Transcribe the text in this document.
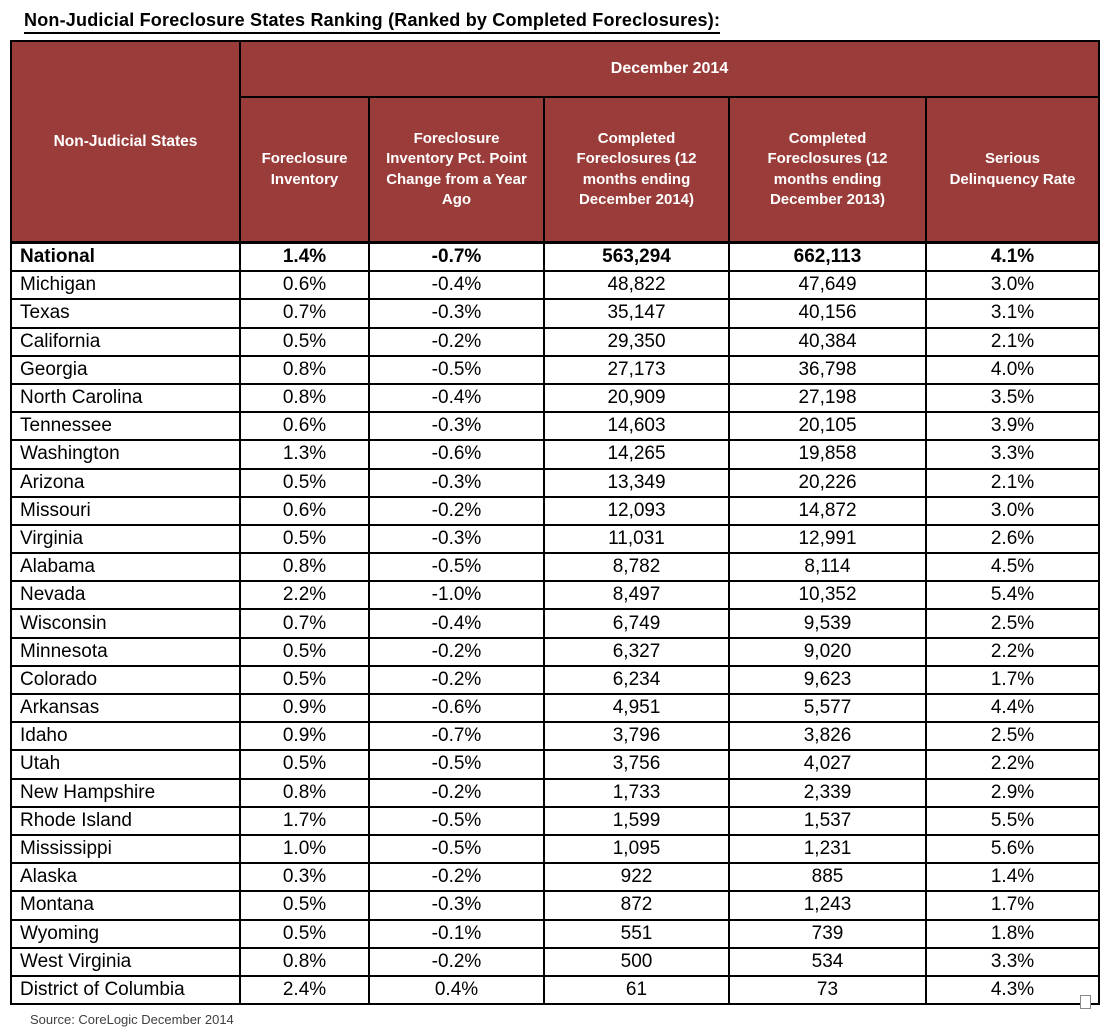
Non-Judicial Foreclosure States Ranking (Ranked by Completed Foreclosures):
Non-Judicial States	December 2014				
	Foreclosure Inventory	Foreclosure Inventory Pct. Point Change from a Year Ago	Completed Foreclosures (12 months ending December 2014)	Completed Foreclosures (12 months ending December 2013)	Serious Delinquency Rate
National	1.4%	-0.7%	563,294	662,113	4.1%
Michigan	0.6%	-0.4%	48,822	47,649	3.0%
Texas	0.7%	-0.3%	35,147	40,156	3.1%
California	0.5%	-0.2%	29,350	40,384	2.1%
Georgia	0.8%	-0.5%	27,173	36,798	4.0%
North Carolina	0.8%	-0.4%	20,909	27,198	3.5%
Tennessee	0.6%	-0.3%	14,603	20,105	3.9%
Washington	1.3%	-0.6%	14,265	19,858	3.3%
Arizona	0.5%	-0.3%	13,349	20,226	2.1%
Missouri	0.6%	-0.2%	12,093	14,872	3.0%
Virginia	0.5%	-0.3%	11,031	12,991	2.6%
Alabama	0.8%	-0.5%	8,782	8,114	4.5%
Nevada	2.2%	-1.0%	8,497	10,352	5.4%
Wisconsin	0.7%	-0.4%	6,749	9,539	2.5%
Minnesota	0.5%	-0.2%	6,327	9,020	2.2%
Colorado	0.5%	-0.2%	6,234	9,623	1.7%
Arkansas	0.9%	-0.6%	4,951	5,577	4.4%
Idaho	0.9%	-0.7%	3,796	3,826	2.5%
Utah	0.5%	-0.5%	3,756	4,027	2.2%
New Hampshire	0.8%	-0.2%	1,733	2,339	2.9%
Rhode Island	1.7%	-0.5%	1,599	1,537	5.5%
Mississippi	1.0%	-0.5%	1,095	1,231	5.6%
Alaska	0.3%	-0.2%	922	885	1.4%
Montana	0.5%	-0.3%	872	1,243	1.7%
Wyoming	0.5%	-0.1%	551	739	1.8%
West Virginia	0.8%	-0.2%	500	534	3.3%
District of Columbia	2.4%	0.4%	61	73	4.3%
Source: CoreLogic December 2014
